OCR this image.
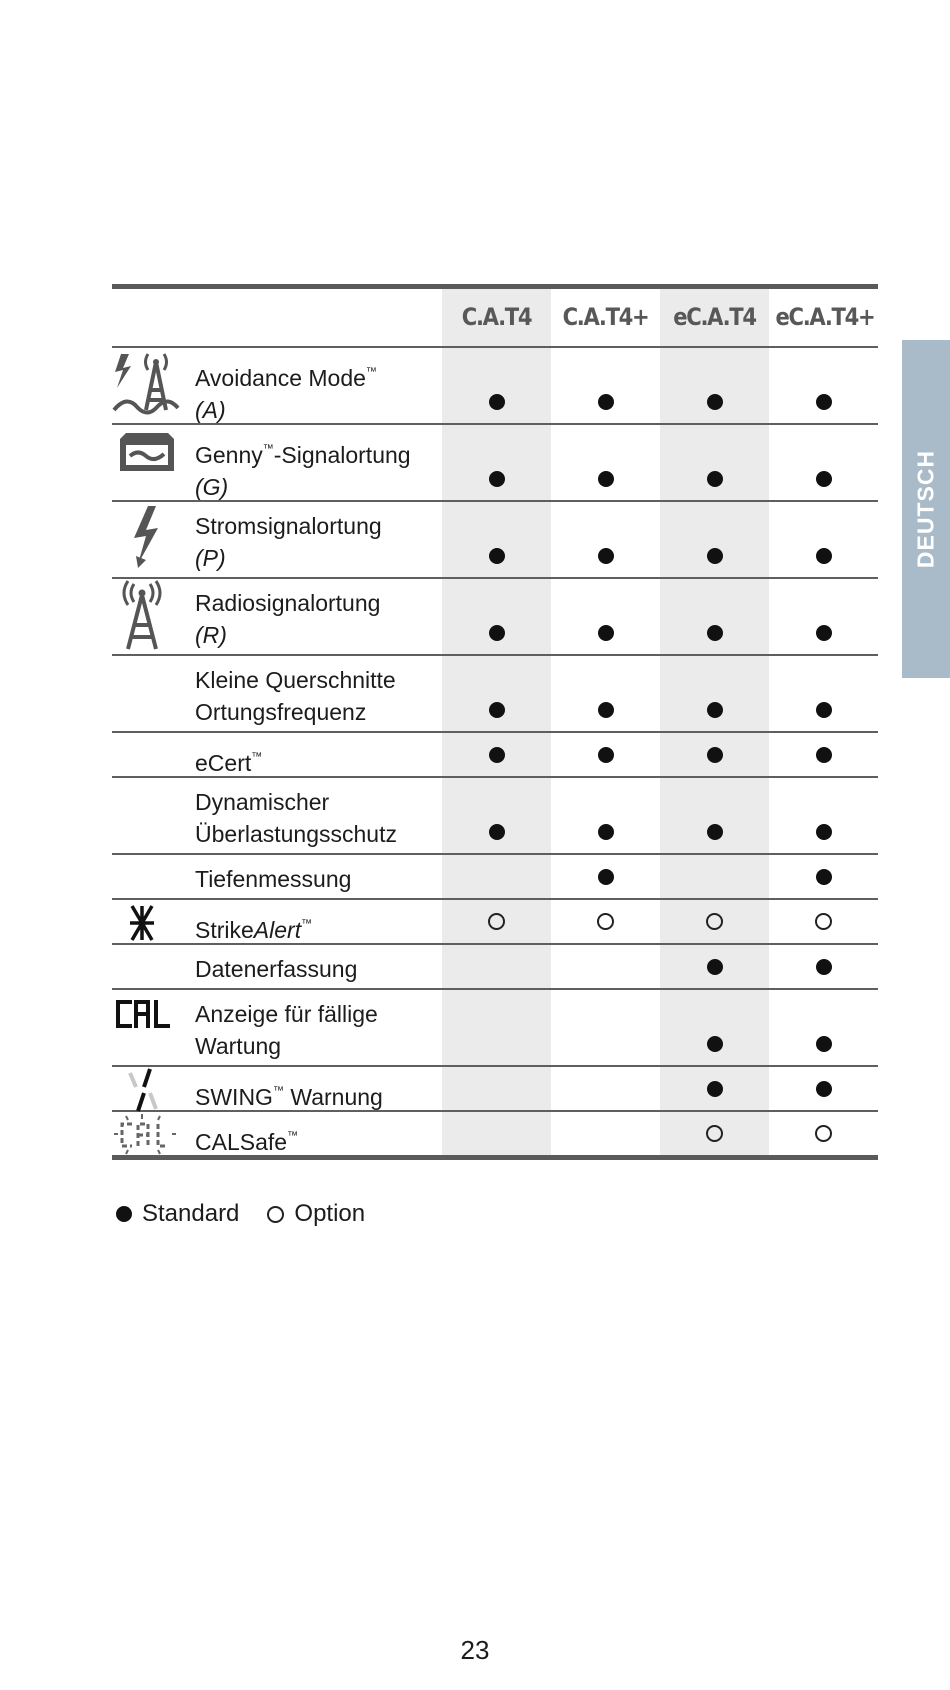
DEUTSCH
C.A.T4	C.A.T4+ eC.A.T4 eC.A.T4+
Avoidance Mode™
(A)
Genny™-Signalortung
(G)
Stromsignalortung
(P)
Radiosignalortung
(R)
Kleine Querschnitte
Ortungsfrequenz
eCert™
Dynamischer
Überlastungsschutz
Tiefenmessung
StrikeAlert™
Datenerfassung
Anzeige für fällige
Wartung
SWING™ Warnung
CALSafe™
Standard Option
23
